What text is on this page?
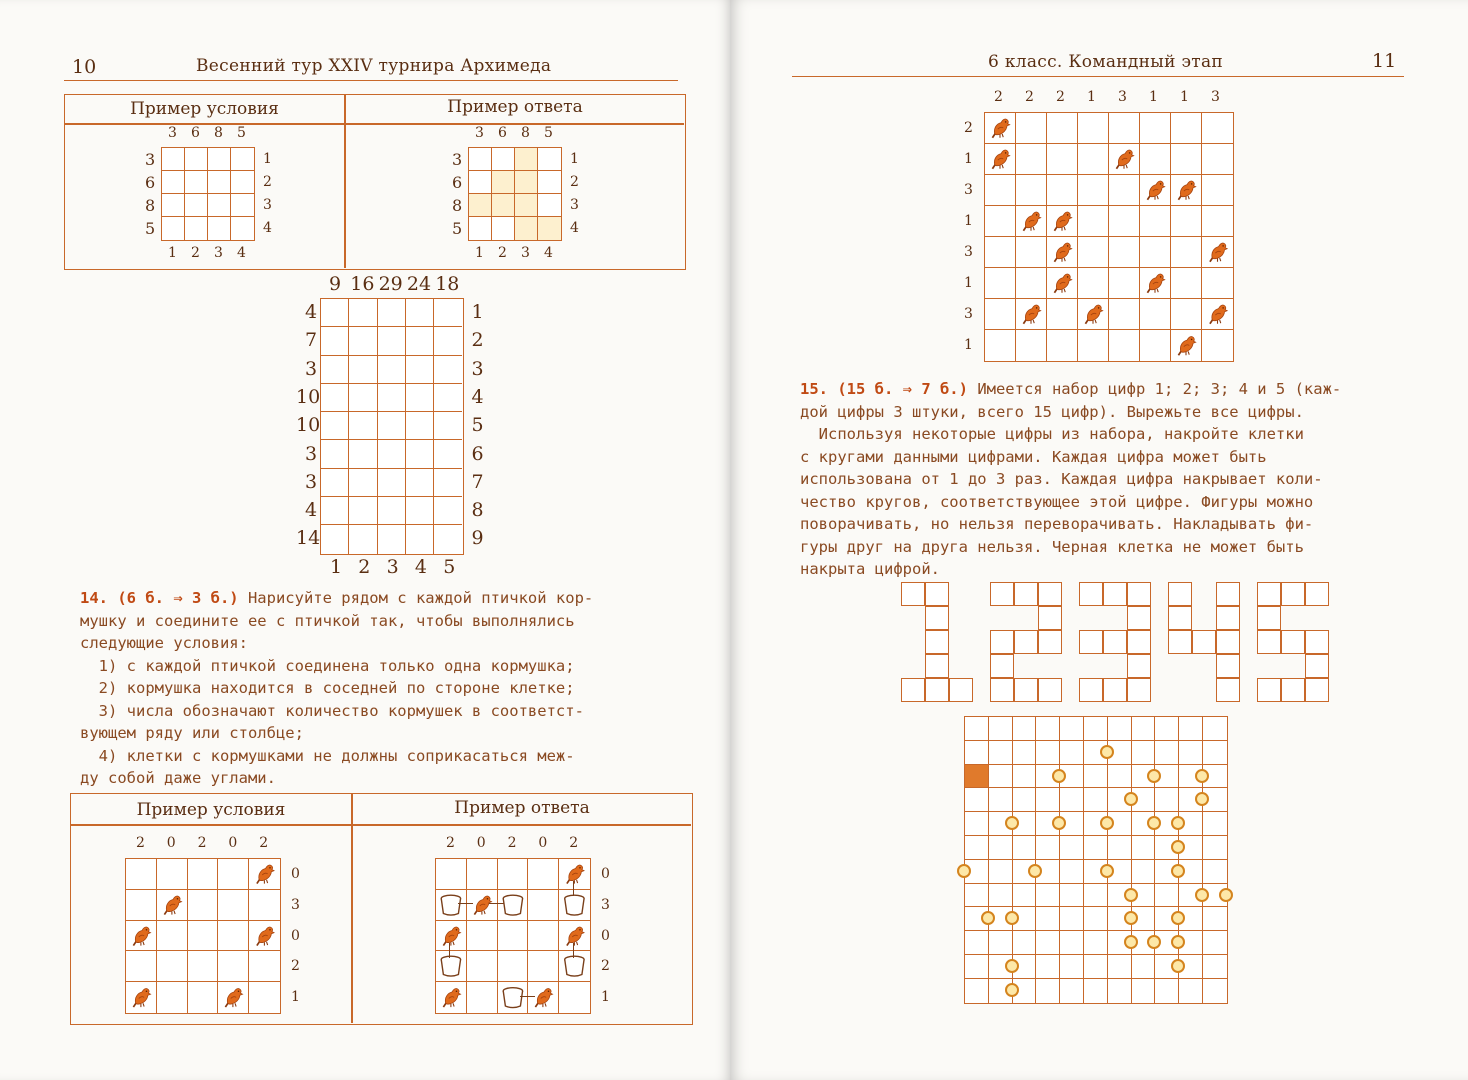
10	Весенний тур XXIV турнира Архимеда
Пример условия	Пример ответа
3 6 8 5
3
6
8
5
1
2
3
4
1 2 3 4
3 6 8 5
3
6
8
5
1
2
3
4
1 2 3 4
9 16 29 24 18
4
7
3
10
10
3
3
4
14
1
2
3
4
5
6
7
8
9
1 2 3 4 5
14. (6 б. ⇒ 3 б.) Нарисуйте рядом с каждой птичкой кор-
мушку и соедините ее с птичкой так, чтобы выполнялись
следующие условия:
1) с каждой птичкой соединена только одна кормушка;
2) кормушка находится в соседней по стороне клетке;
3) числа обозначают количество кормушек в соответст-
вующем ряду или столбце;
4) клетки с кормушками не должны соприкасаться меж-
ду собой даже углами.
Пример условия	Пример ответа
2 0 2 0 2
0
3
0
2
1
2 0 2 0 2
0
3
0
2
1
6 класс. Командный этап	11
2 2 2 1 3 1 1 3
2
1
3
1
3
1
3
1
15. (15 б. ⇒ 7 б.) Имеется набор цифр 1; 2; 3; 4 и 5 (каж-
дой цифры 3 штуки, всего 15 цифр). Вырежьте все цифры.
Используя некоторые цифры из набора, накройте клетки
с кругами данными цифрами. Каждая цифра может быть
использована от 1 до 3 раз. Каждая цифра накрывает коли-
чество кругов, соответствующее этой цифре. Фигуры можно
поворачивать, но нельзя переворачивать. Накладывать фи-
гуры друг на друга нельзя. Черная клетка не может быть
накрыта цифрой.
